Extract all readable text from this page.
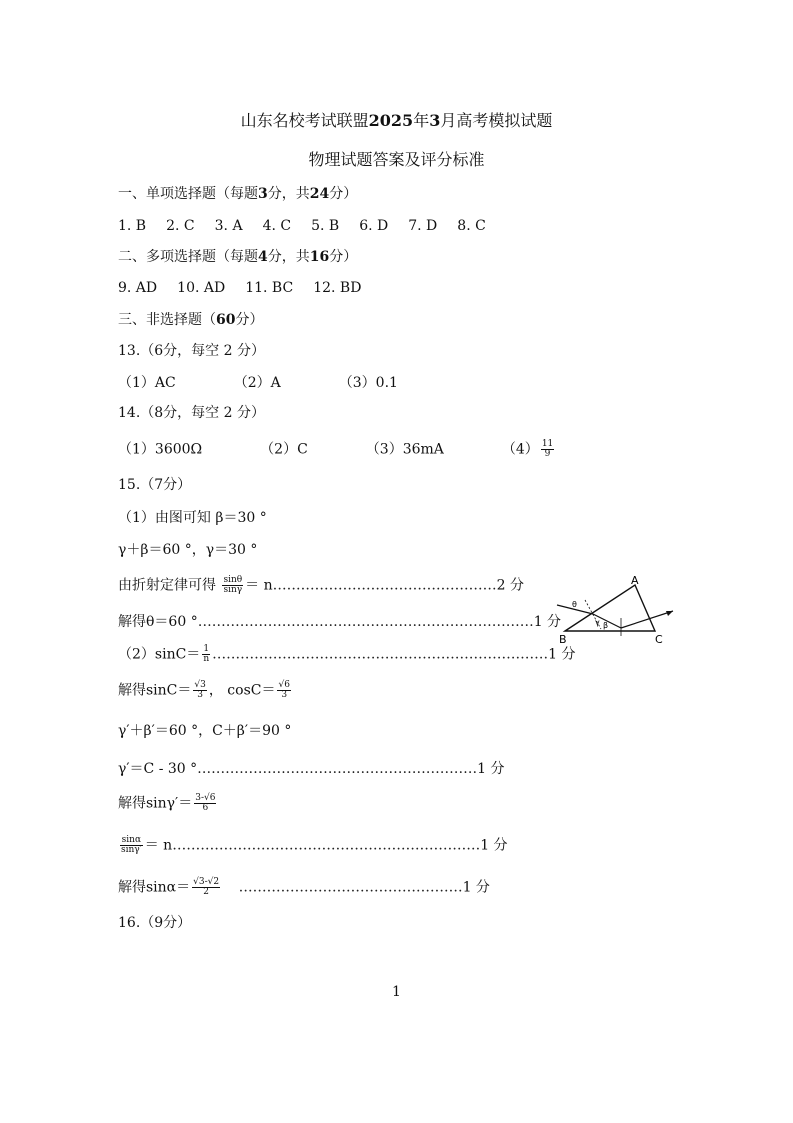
山东名校考试联盟2025年3月高考模拟试题
物理试题答案及评分标准
一、单项选择题（每题3分，共24分）
1. B 2. C 3. A 4. C 5. B 6. D 7. D 8. C
二、多项选择题（每题4分，共16分）
9. AD 10. AD 11. BC 12. BD
三、非选择题（60分）
13.（6分，每空 2 分）
（1）AC	（2）A	（3）0.1
14.（8分，每空 2 分）
（1）3600Ω	（2）C	（3）36mA	$(4) \frac{11}{9}$
15.（7分）
（1）由图可知 β＝30 °
γ＋β＝60 °，γ＝30 °
由折射定律可得 $\frac{\sin\theta}{\sin\gamma}$ ＝ n…………………………………………2 分
解得θ＝60 °………………………………………………………………1 分
$(2)\sin C= \frac{1}{n}$ ………………………………………………………………1 分
解得$\sin C= \frac{√3}{3}$ ， $\cos C= \frac{√6}{3}$
γ′＋β′＝60 °，C＋β′＝90 °
γ′＝C - 30 °……………………………………………………1 分
解得$\sin\gamma'= \frac{3-√6}{6}$
$\frac{\sin\alpha}{\sin\gamma'}$ ＝ n…………………………………………………………1 分
解得$\sin\alpha= \frac{√3-√2}{2}$ …………………………………………1 分
16.（9分）
A
B	C
θ
γ β
1
